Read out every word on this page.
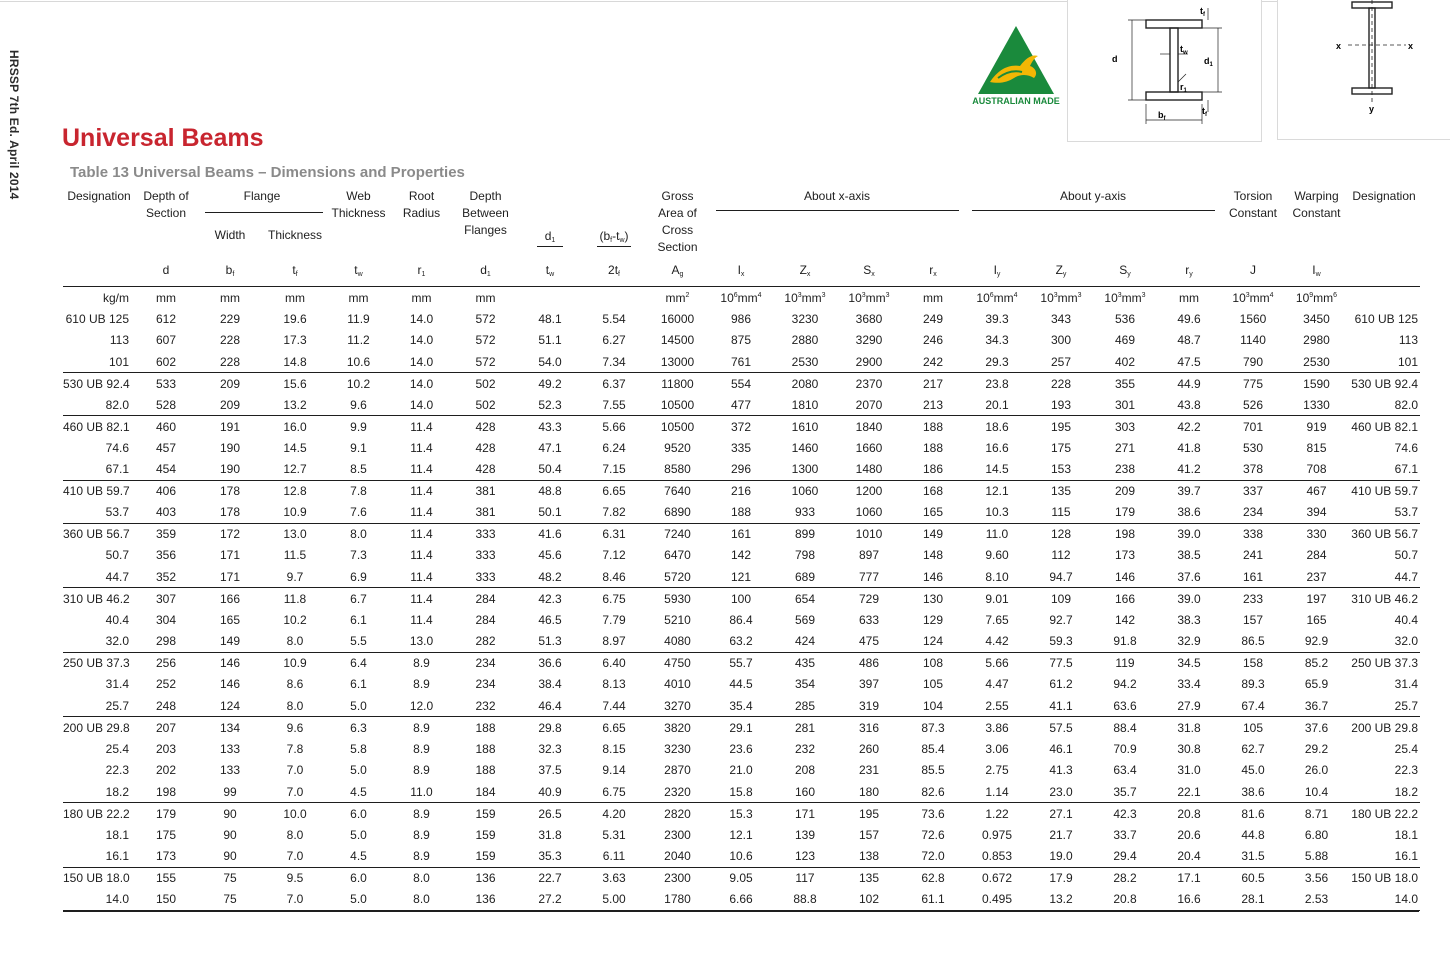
HRSSP 7th Ed. April 2014 Universal Beams
Table 13 Universal Beams – Dimensions and Properties
AUSTRALIAN MADE
d
$t_f$
$t_w$
$d_1$
$r_1$
$b_f$
$t_f$
x	x
y
Designation	Depth of
Section
Flange
Width	Thickness
Web
Thickness
Root
Radius
Depth
Between
Flanges	$d_1$	$(b_f-t_w)$
Gross
Area of
Cross
Section
About x-axis	About y-axis	Torsion
Constant
Warping
Constant
Designation
d	$b_f$	$t_f$	$t_w$	$r_1$	$d_1$	$t_w$	$2t_f$	$A_g$	$I_x$	$Z_x$	$S_x$	$r_x$	$I_y$	$Z_y$	$S_y$	$r_y$	J	$I_w$
kg/m	mm	mm	mm	mm	mm	mm			$mm^2$	$10^6mm^4$	$10^3mm^3$	$10^3mm^3$	mm	$10^6mm^4$	$10^3mm^3$	$10^3mm^3$	mm	$10^3mm^4$	$10^9mm^6$	
610 UB 125	612	229	19.6	11.9	14.0	572	48.1	5.54	16000	986	3230	3680	249	39.3	343	536	49.6	1560	3450	610 UB 125
113	607	228	17.3	11.2	14.0	572	51.1	6.27	14500	875	2880	3290	246	34.3	300	469	48.7	1140	2980	113
101	602	228	14.8	10.6	14.0	572	54.0	7.34	13000	761	2530	2900	242	29.3	257	402	47.5	790	2530	101
530 UB 92.4	533	209	15.6	10.2	14.0	502	49.2	6.37	11800	554	2080	2370	217	23.8	228	355	44.9	775	1590	530 UB 92.4
82.0	528	209	13.2	9.6	14.0	502	52.3	7.55	10500	477	1810	2070	213	20.1	193	301	43.8	526	1330	82.0
460 UB 82.1	460	191	16.0	9.9	11.4	428	43.3	5.66	10500	372	1610	1840	188	18.6	195	303	42.2	701	919	460 UB 82.1
74.6	457	190	14.5	9.1	11.4	428	47.1	6.24	9520	335	1460	1660	188	16.6	175	271	41.8	530	815	74.6
67.1	454	190	12.7	8.5	11.4	428	50.4	7.15	8580	296	1300	1480	186	14.5	153	238	41.2	378	708	67.1
410 UB 59.7	406	178	12.8	7.8	11.4	381	48.8	6.65	7640	216	1060	1200	168	12.1	135	209	39.7	337	467	410 UB 59.7
53.7	403	178	10.9	7.6	11.4	381	50.1	7.82	6890	188	933	1060	165	10.3	115	179	38.6	234	394	53.7
360 UB 56.7	359	172	13.0	8.0	11.4	333	41.6	6.31	7240	161	899	1010	149	11.0	128	198	39.0	338	330	360 UB 56.7
50.7	356	171	11.5	7.3	11.4	333	45.6	7.12	6470	142	798	897	148	9.60	112	173	38.5	241	284	50.7
44.7	352	171	9.7	6.9	11.4	333	48.2	8.46	5720	121	689	777	146	8.10	94.7	146	37.6	161	237	44.7
310 UB 46.2	307	166	11.8	6.7	11.4	284	42.3	6.75	5930	100	654	729	130	9.01	109	166	39.0	233	197	310 UB 46.2
40.4	304	165	10.2	6.1	11.4	284	46.5	7.79	5210	86.4	569	633	129	7.65	92.7	142	38.3	157	165	40.4
32.0	298	149	8.0	5.5	13.0	282	51.3	8.97	4080	63.2	424	475	124	4.42	59.3	91.8	32.9	86.5	92.9	32.0
250 UB 37.3	256	146	10.9	6.4	8.9	234	36.6	6.40	4750	55.7	435	486	108	5.66	77.5	119	34.5	158	85.2	250 UB 37.3
31.4	252	146	8.6	6.1	8.9	234	38.4	8.13	4010	44.5	354	397	105	4.47	61.2	94.2	33.4	89.3	65.9	31.4
25.7	248	124	8.0	5.0	12.0	232	46.4	7.44	3270	35.4	285	319	104	2.55	41.1	63.6	27.9	67.4	36.7	25.7
200 UB 29.8	207	134	9.6	6.3	8.9	188	29.8	6.65	3820	29.1	281	316	87.3	3.86	57.5	88.4	31.8	105	37.6	200 UB 29.8
25.4	203	133	7.8	5.8	8.9	188	32.3	8.15	3230	23.6	232	260	85.4	3.06	46.1	70.9	30.8	62.7	29.2	25.4
22.3	202	133	7.0	5.0	8.9	188	37.5	9.14	2870	21.0	208	231	85.5	2.75	41.3	63.4	31.0	45.0	26.0	22.3
18.2	198	99	7.0	4.5	11.0	184	40.9	6.75	2320	15.8	160	180	82.6	1.14	23.0	35.7	22.1	38.6	10.4	18.2
180 UB 22.2	179	90	10.0	6.0	8.9	159	26.5	4.20	2820	15.3	171	195	73.6	1.22	27.1	42.3	20.8	81.6	8.71	180 UB 22.2
18.1	175	90	8.0	5.0	8.9	159	31.8	5.31	2300	12.1	139	157	72.6	0.975	21.7	33.7	20.6	44.8	6.80	18.1
16.1	173	90	7.0	4.5	8.9	159	35.3	6.11	2040	10.6	123	138	72.0	0.853	19.0	29.4	20.4	31.5	5.88	16.1
150 UB 18.0	155	75	9.5	6.0	8.0	136	22.7	3.63	2300	9.05	117	135	62.8	0.672	17.9	28.2	17.1	60.5	3.56	150 UB 18.0
14.0	150	75	7.0	5.0	8.0	136	27.2	5.00	1780	6.66	88.8	102	61.1	0.495	13.2	20.8	16.6	28.1	2.53	14.0
